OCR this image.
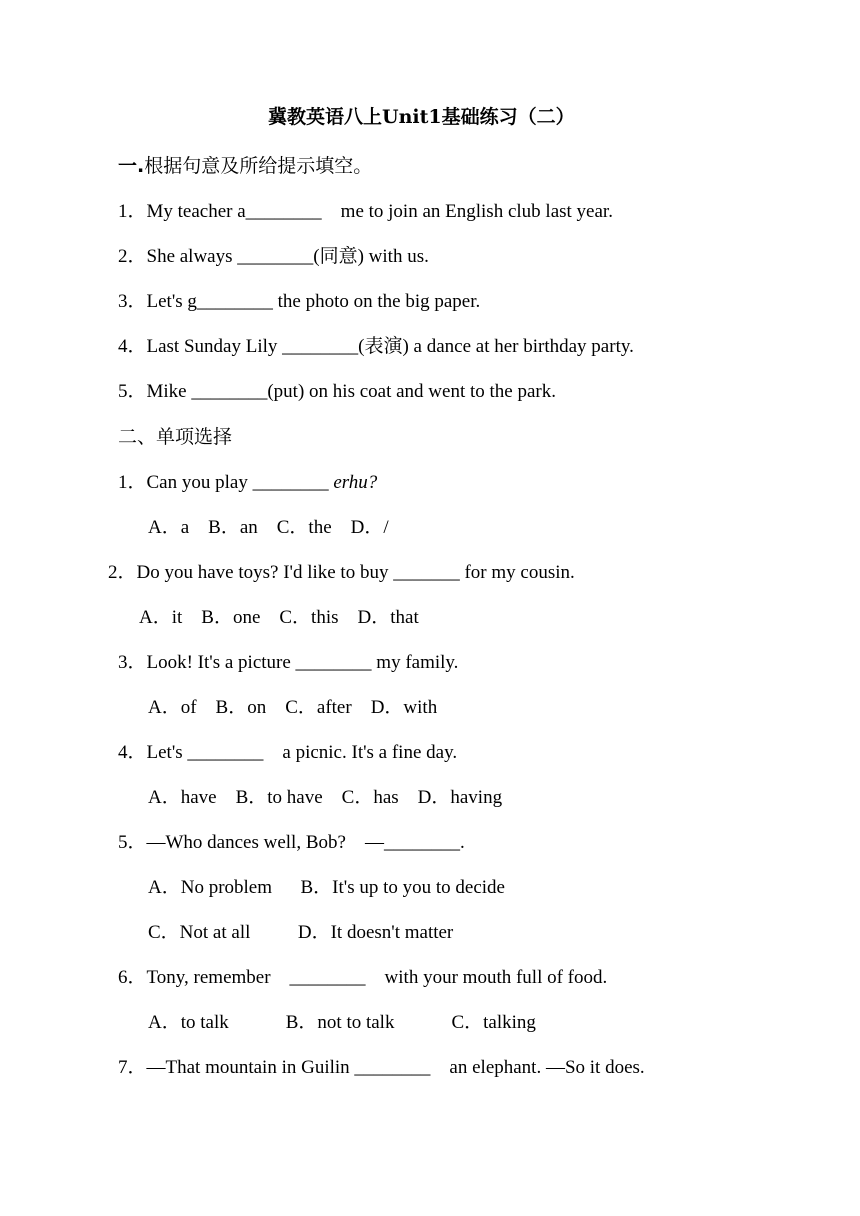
冀教英语八上Unit1基础练习（二）
一.根据句意及所给提示填空。
1．My teacher a________    me to join an English club last year.
2．She always ________(同意) with us.
3．Let's g________ the photo on the big paper.
4．Last Sunday Lily ________(表演) a dance at her birthday party.
5．Mike ________(put) on his coat and went to the park.
二、单项选择
1．Can you play ________ erhu?
A．a    B．an    C．the    D．/
2．Do you have toys? I'd like to buy _______ for my cousin.
A．it    B．one    C．this    D．that
3．Look! It's a picture ________ my family.
A．of    B．on    C．after    D．with
4．Let's ________    a picnic. It's a fine day.
A．have    B．to have    C．has    D．having
5．—Who dances well, Bob?    —________.
A．No problem      B．It's up to you to decide
C．Not at all          D．It doesn't matter
6．Tony, remember    ________    with your mouth full of food.
A．to talk            B．not to talk            C．talking
7．—That mountain in Guilin ________    an elephant. —So it does.
